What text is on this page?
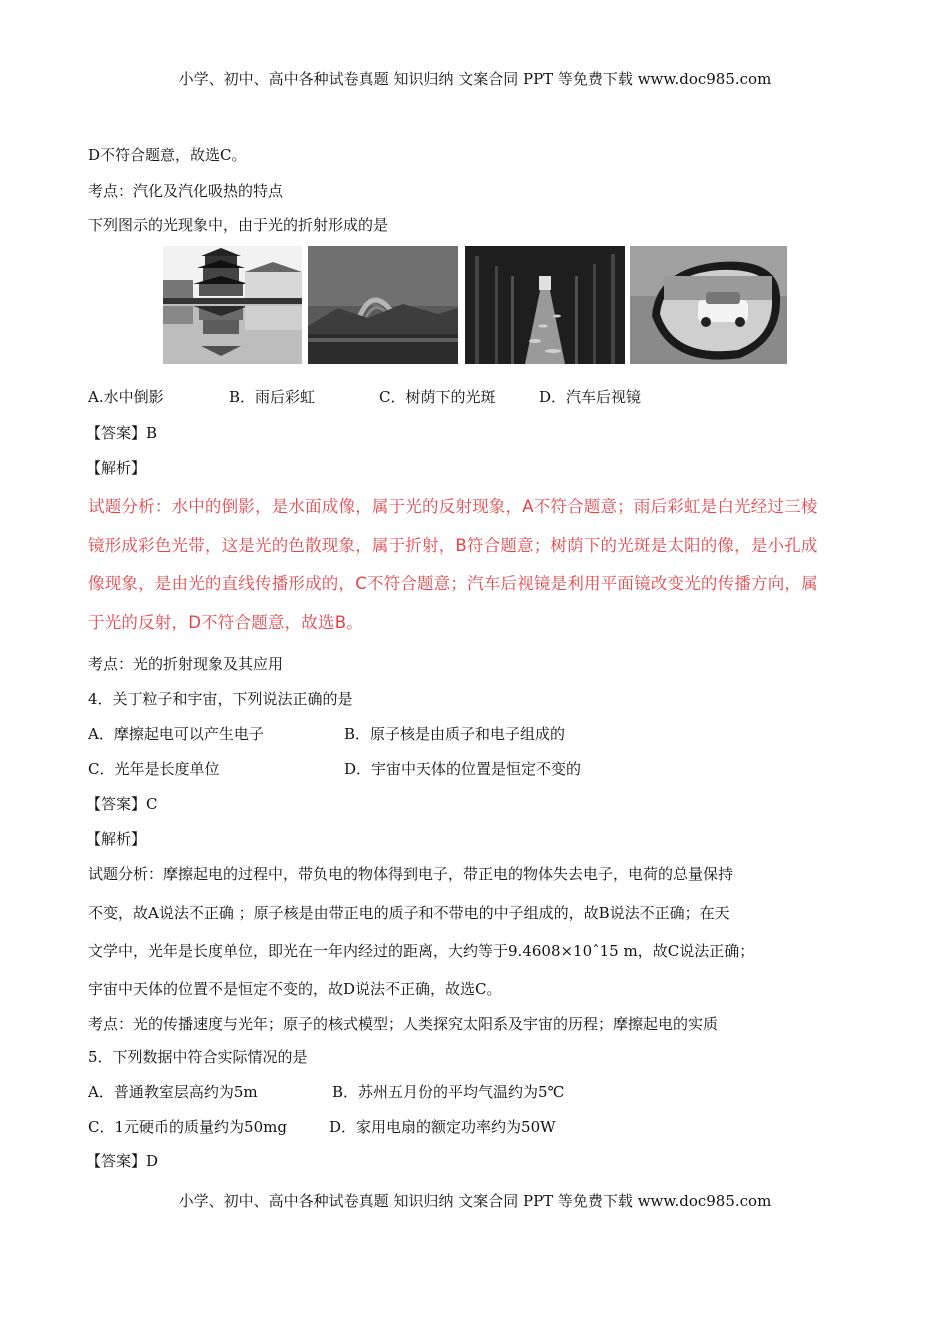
小学、初中、高中各种试卷真题 知识归纳 文案合同 PPT 等免费下载 www.doc985.com
D不符合题意，故选C。
考点：汽化及汽化吸热的特点
下列图示的光现象中，由于光的折射形成的是
A.水中倒影	B．雨后彩虹	C．树荫下的光斑	D．汽车后视镜
【答案】B
【解析】
试题分析：水中的倒影，是水面成像，属于光的反射现象，A不符合题意；雨后彩虹是白光经过三棱
镜形成彩色光带，这是光的色散现象，属于折射，B符合题意；树荫下的光斑是太阳的像，是小孔成
像现象，是由光的直线传播形成的，C不符合题意；汽车后视镜是利用平面镜改变光的传播方向，属
于光的反射，D不符合题意，故选B。
考点：光的折射现象及其应用
4．关丁粒子和宇宙，下列说法正确的是
A．摩擦起电可以产生电子	B．原子核是由质子和电子组成的
C．光年是长度单位	D．宇宙中天体的位置是恒定不变的
【答案】C
【解析】
试题分析：摩擦起电的过程中，带负电的物体得到电子，带正电的物体失去电子，电荷的总量保持
不变，故A说法不正确 ；原子核是由带正电的质子和不带电的中子组成的，故B说法不正确；在天
文学中，光年是长度单位，即光在一年内经过的距离，大约等于9.4608×10ˆ15 m，故C说法正确；
宇宙中天体的位置不是恒定不变的，故D说法不正确，故选C。
考点：光的传播速度与光年；原子的核式模型；人类探究太阳系及宇宙的历程；摩擦起电的实质
5．下列数据中符合实际情况的是
A．普通教室层高约为5m	B．苏州五月份的平均气温约为5℃
C．1元硬币的质量约为50mg	D．家用电扇的额定功率约为50W
【答案】D
小学、初中、高中各种试卷真题 知识归纳 文案合同 PPT 等免费下载 www.doc985.com
